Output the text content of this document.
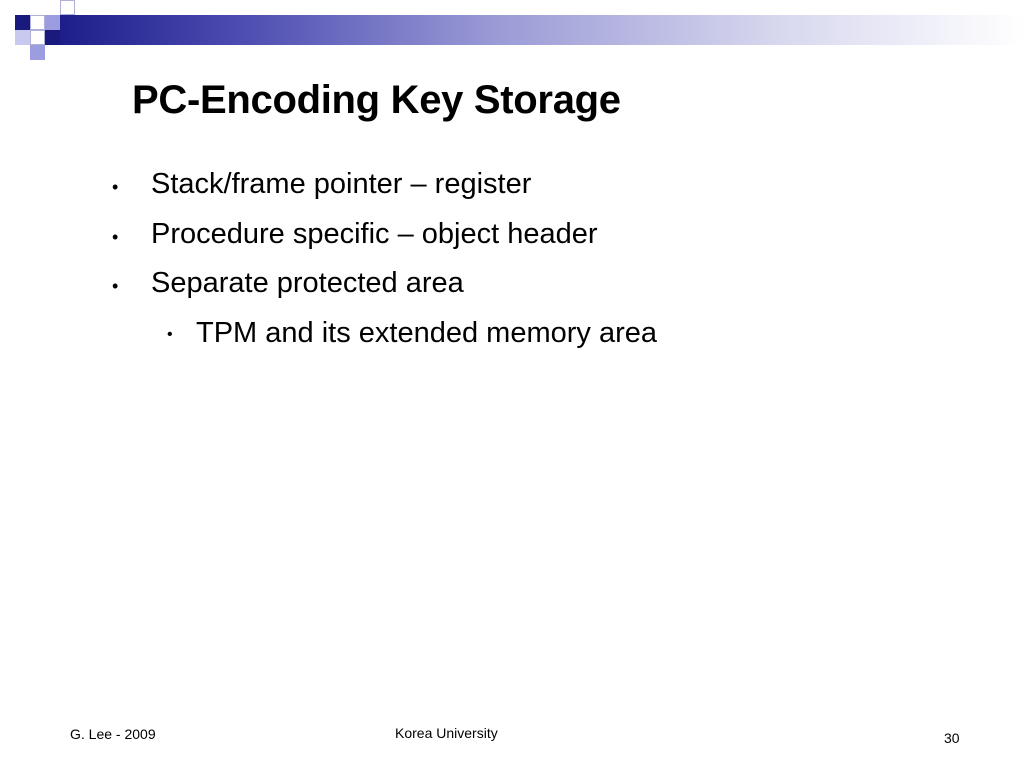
PC-Encoding Key Storage
• Stack/frame pointer – register
• Procedure specific – object header
• Separate protected area
• TPM and its extended memory area
G. Lee - 2009	Korea University	30
